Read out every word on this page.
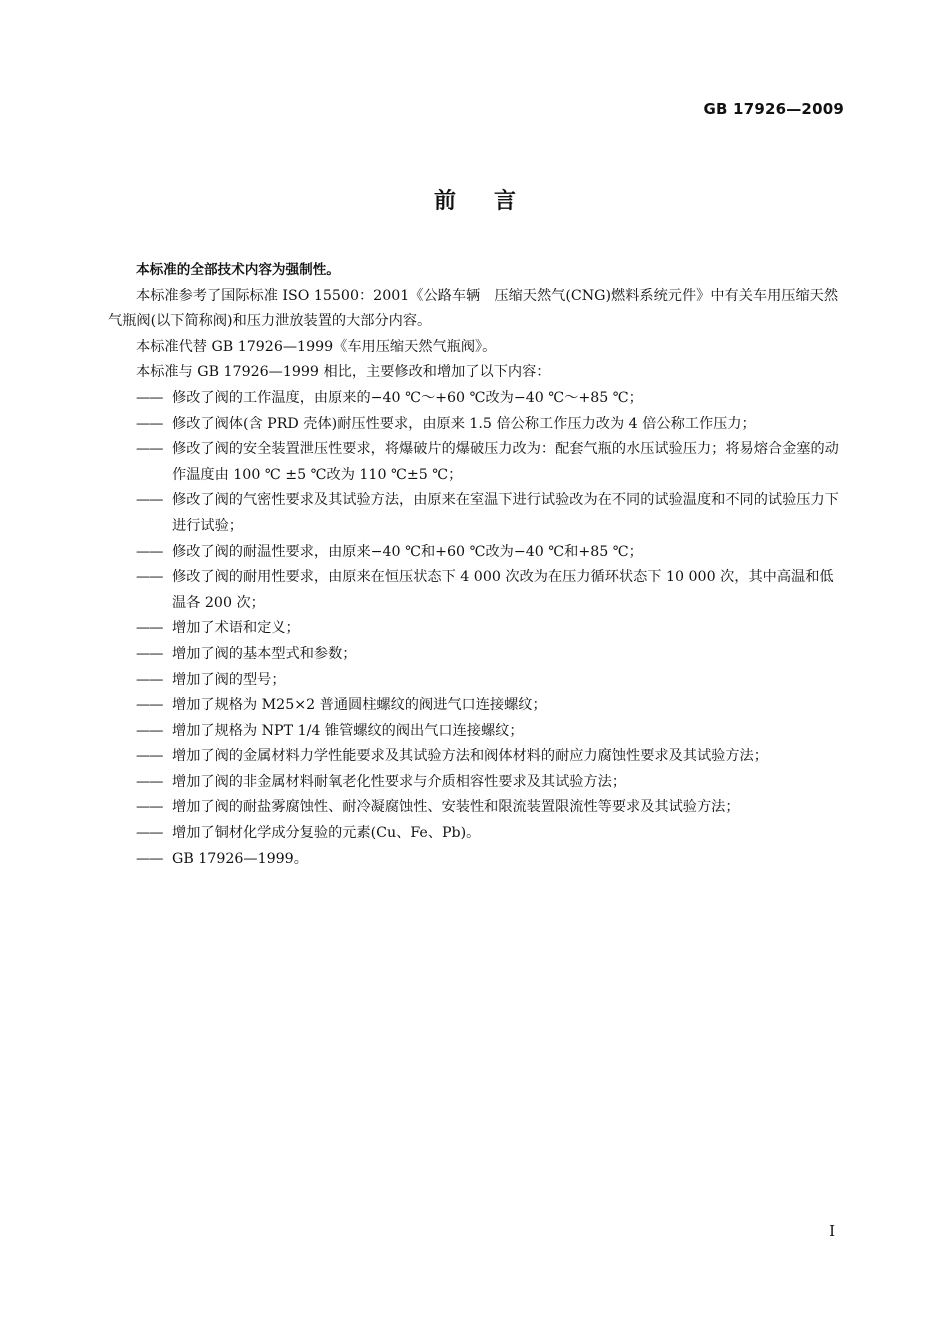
GB 17926—2009
前言

本标准的全部技术内容为强制性。

本标准参考了国际标准 ISO 15500：2001《公路车辆　压缩天然气(CNG)燃料系统元件》中有关车用压缩天然气瓶阀(以下简称阀)和压力泄放装置的大部分内容。

本标准代替 GB 17926—1999《车用压缩天然气瓶阀》。

本标准与 GB 17926—1999 相比，主要修改和增加了以下内容：

—— 修改了阀的工作温度，由原来的−40 ℃～+60 ℃改为−40 ℃～+85 ℃；
—— 修改了阀体(含 PRD 壳体)耐压性要求，由原来 1.5 倍公称工作压力改为 4 倍公称工作压力；
—— 修改了阀的安全装置泄压性要求，将爆破片的爆破压力改为：配套气瓶的水压试验压力；将易熔合金塞的动作温度由 100 ℃ ±5 ℃改为 110 ℃±5 ℃；
—— 修改了阀的气密性要求及其试验方法，由原来在室温下进行试验改为在不同的试验温度和不同的试验压力下进行试验；
—— 修改了阀的耐温性要求，由原来−40 ℃和+60 ℃改为−40 ℃和+85 ℃；
—— 修改了阀的耐用性要求，由原来在恒压状态下 4 000 次改为在压力循环状态下 10 000 次，其中高温和低温各 200 次；
—— 增加了术语和定义；
—— 增加了阀的基本型式和参数；
—— 增加了阀的型号；
—— 增加了规格为 M25×2 普通圆柱螺纹的阀进气口连接螺纹；
—— 增加了规格为 NPT 1/4 锥管螺纹的阀出气口连接螺纹；
—— 增加了阀的金属材料力学性能要求及其试验方法和阀体材料的耐应力腐蚀性要求及其试验方法；
—— 增加了阀的非金属材料耐氧老化性要求与介质相容性要求及其试验方法；
—— 增加了阀的耐盐雾腐蚀性、耐冷凝腐蚀性、安装性和限流装置限流性等要求及其试验方法；
—— 增加了铜材化学成分复验的元素(Cu、Fe、Pb)。

—— GB 17926—1999。
I
